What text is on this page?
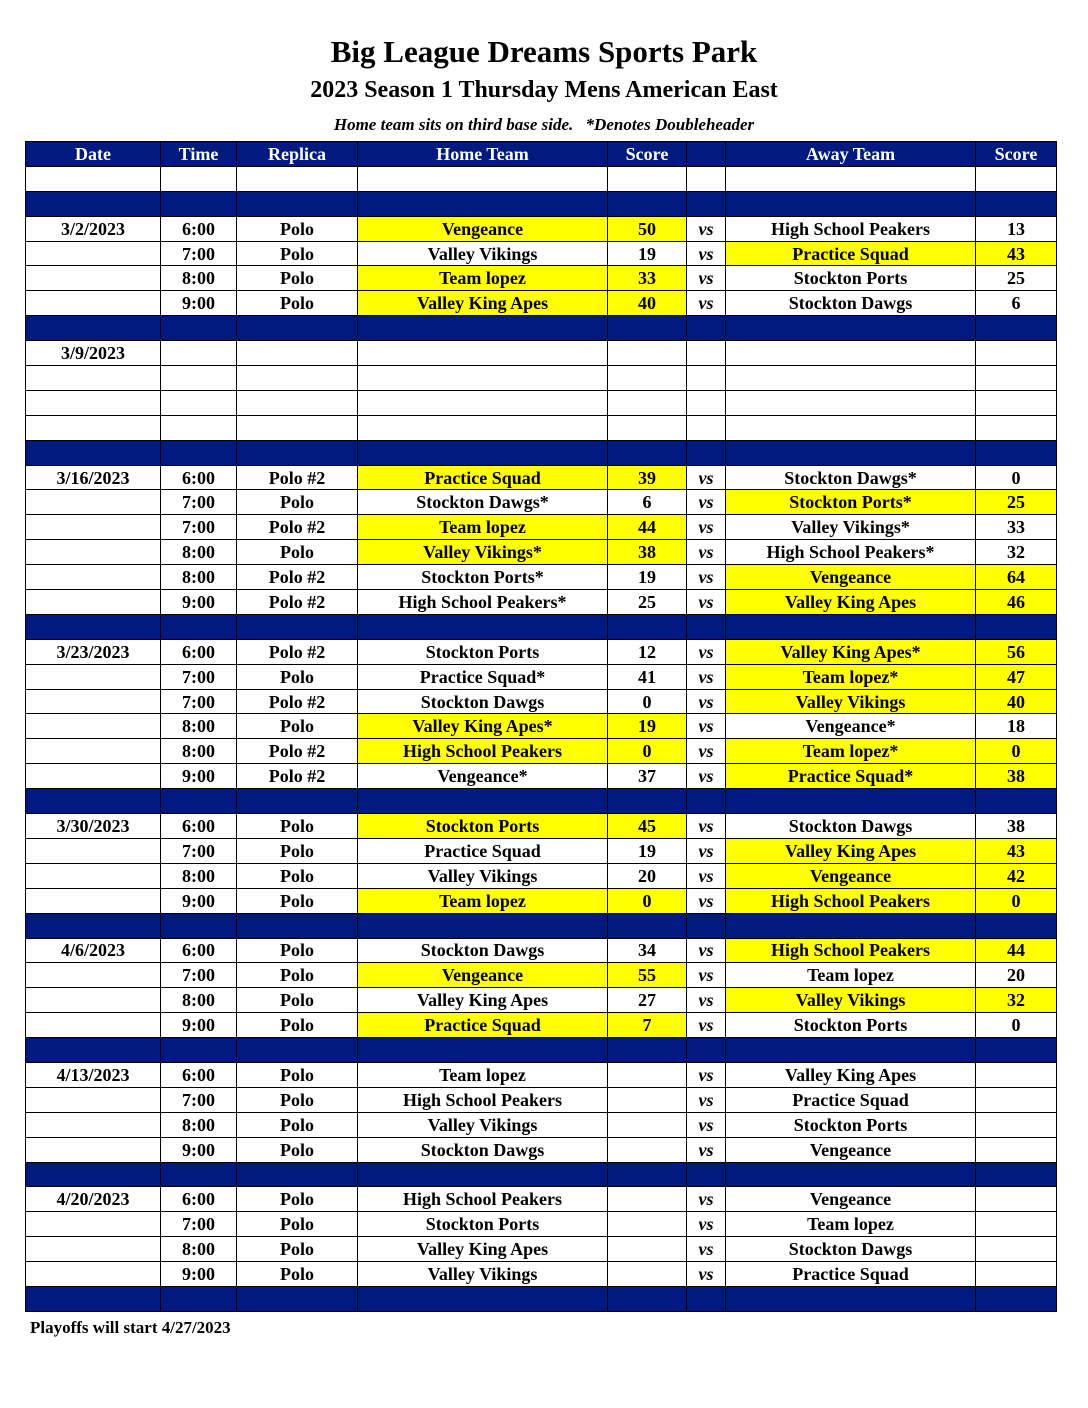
Big League Dreams Sports Park
2023 Season 1 Thursday Mens American East
Home team sits on third base side. *Denotes Doubleheader
Date	Time	Replica	Home Team	Score		Away Team	Score

3/2/2023	6:00	Polo	Vengeance	50	vs	High School Peakers	13
	7:00	Polo	Valley Vikings	19	vs	Practice Squad	43
	8:00	Polo	Team lopez	33	vs	Stockton Ports	25
	9:00	Polo	Valley King Apes	40	vs	Stockton Dawgs	6

3/9/2023							

3/16/2023	6:00	Polo #2	Practice Squad	39	vs	Stockton Dawgs*	0
	7:00	Polo	Stockton Dawgs*	6	vs	Stockton Ports*	25
	7:00	Polo #2	Team lopez	44	vs	Valley Vikings*	33
	8:00	Polo	Valley Vikings*	38	vs	High School Peakers*	32
	8:00	Polo #2	Stockton Ports*	19	vs	Vengeance	64
	9:00	Polo #2	High School Peakers*	25	vs	Valley King Apes	46

3/23/2023	6:00	Polo #2	Stockton Ports	12	vs	Valley King Apes*	56
	7:00	Polo	Practice Squad*	41	vs	Team lopez*	47
	7:00	Polo #2	Stockton Dawgs	0	vs	Valley Vikings	40
	8:00	Polo	Valley King Apes*	19	vs	Vengeance*	18
	8:00	Polo #2	High School Peakers	0	vs	Team lopez*	0
	9:00	Polo #2	Vengeance*	37	vs	Practice Squad*	38

3/30/2023	6:00	Polo	Stockton Ports	45	vs	Stockton Dawgs	38
	7:00	Polo	Practice Squad	19	vs	Valley King Apes	43
	8:00	Polo	Valley Vikings	20	vs	Vengeance	42
	9:00	Polo	Team lopez	0	vs	High School Peakers	0

4/6/2023	6:00	Polo	Stockton Dawgs	34	vs	High School Peakers	44
	7:00	Polo	Vengeance	55	vs	Team lopez	20
	8:00	Polo	Valley King Apes	27	vs	Valley Vikings	32
	9:00	Polo	Practice Squad	7	vs	Stockton Ports	0

4/13/2023	6:00	Polo	Team lopez		vs	Valley King Apes	
	7:00	Polo	High School Peakers		vs	Practice Squad	
	8:00	Polo	Valley Vikings		vs	Stockton Ports	
	9:00	Polo	Stockton Dawgs		vs	Vengeance	

4/20/2023	6:00	Polo	High School Peakers		vs	Vengeance	
	7:00	Polo	Stockton Ports		vs	Team lopez	
	8:00	Polo	Valley King Apes		vs	Stockton Dawgs	
	9:00	Polo	Valley Vikings		vs	Practice Squad	

Playoffs will start 4/27/2023
